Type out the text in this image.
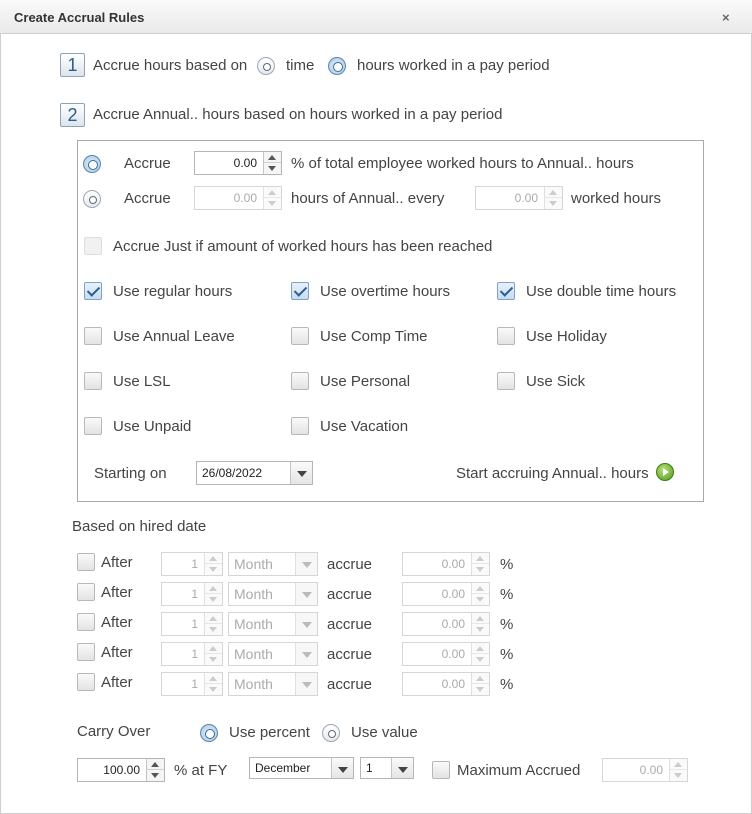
Create Accrual Rules	×
1	Accrue hours based on	time	hours worked in a pay period
2	Accrue Annual.. hours based on hours worked in a pay period
Accrue	0.00 % of total employee worked hours to Annual.. hours
Accrue	0.00 hours of Annual.. every	0.00 worked hours
Accrue Just if amount of worked hours has been reached
Use regular hours	Use overtime hours	Use double time hours
Use Annual Leave	Use Comp Time	Use Holiday
Use LSL	Use Personal	Use Sick
Use Unpaid	Use Vacation
Starting on	26/08/2022	Start accruing Annual.. hours
Based on hired date
After	1	Month	accrue	0.00 %
After	1	Month	accrue	0.00 %
After	1	Month	accrue	0.00 %
After	1	Month	accrue	0.00 %
After	1	Month	accrue	0.00 %
Carry Over	Use percent	Use value
100.00 % at FY December	1	Maximum Accrued	0.00
